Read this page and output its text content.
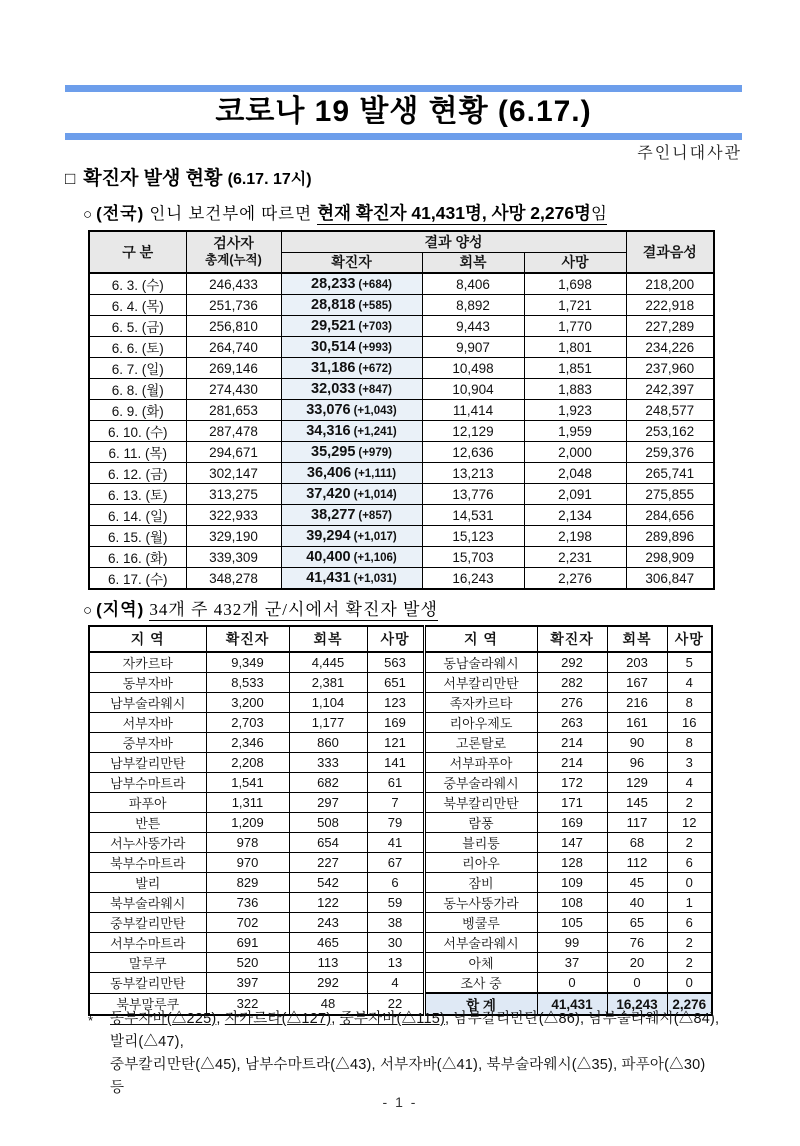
코로나 19 발생 현황 (6.17.)
주인니대사관
□ 확진자 발생 현황 (6.17. 17시)
○ (전국) 인니 보건부에 따르면 현재 확진자 41,431명, 사망 2,276명임
구 분	검사자
총계(누적)	결과 양성			결과음성
		확진자	회복	사망	
6. 3. (수)	246,433	28,233 (+684)	8,406	1,698	218,200
6. 4. (목)	251,736	28,818 (+585)	8,892	1,721	222,918
6. 5. (금)	256,810	29,521 (+703)	9,443	1,770	227,289
6. 6. (토)	264,740	30,514 (+993)	9,907	1,801	234,226
6. 7. (일)	269,146	31,186 (+672)	10,498	1,851	237,960
6. 8. (월)	274,430	32,033 (+847)	10,904	1,883	242,397
6. 9. (화)	281,653	33,076 (+1,043)	11,414	1,923	248,577
6. 10. (수)	287,478	34,316 (+1,241)	12,129	1,959	253,162
6. 11. (목)	294,671	35,295 (+979)	12,636	2,000	259,376
6. 12. (금)	302,147	36,406 (+1,111)	13,213	2,048	265,741
6. 13. (토)	313,275	37,420 (+1,014)	13,776	2,091	275,855
6. 14. (일)	322,933	38,277 (+857)	14,531	2,134	284,656
6. 15. (월)	329,190	39,294 (+1,017)	15,123	2,198	289,896
6. 16. (화)	339,309	40,400 (+1,106)	15,703	2,231	298,909
6. 17. (수)	348,278	41,431 (+1,031)	16,243	2,276	306,847
○ (지역) 34개 주 432개 군/시에서 확진자 발생
지 역	확진자	회복	사망	지 역	확진자	회복	사망
자카르타	9,349	4,445	563	동남술라웨시	292	203	5
동부자바	8,533	2,381	651	서부칼리만탄	282	167	4
남부술라웨시	3,200	1,104	123	족자카르타	276	216	8
서부자바	2,703	1,177	169	리아우제도	263	161	16
중부자바	2,346	860	121	고론탈로	214	90	8
남부칼리만탄	2,208	333	141	서부파푸아	214	96	3
남부수마트라	1,541	682	61	중부술라웨시	172	129	4
파푸아	1,311	297	7	북부칼리만탄	171	145	2
반튼	1,209	508	79	람풍	169	117	12
서누사뚱가라	978	654	41	블리퉁	147	68	2
북부수마트라	970	227	67	리아우	128	112	6
발리	829	542	6	잠비	109	45	0
북부술라웨시	736	122	59	동누사뚱가라	108	40	1
중부칼리만탄	702	243	38	벵쿨루	105	65	6
서부수마트라	691	465	30	서부술라웨시	99	76	2
말루쿠	520	113	13	아체	37	20	2
동부칼리만탄	397	292	4	조사 중	0	0	0
북부말루쿠	322	48	22	합 계	41,431	16,243	2,276
*	동부자바(△225), 자카르타(△127), 중부자바(△115), 남부칼리만탄(△86), 남부술라웨시(△84), 발리(△47),
중부칼리만탄(△45), 남부수마트라(△43), 서부자바(△41), 북부술라웨시(△35), 파푸아(△30) 등
- 1 -
